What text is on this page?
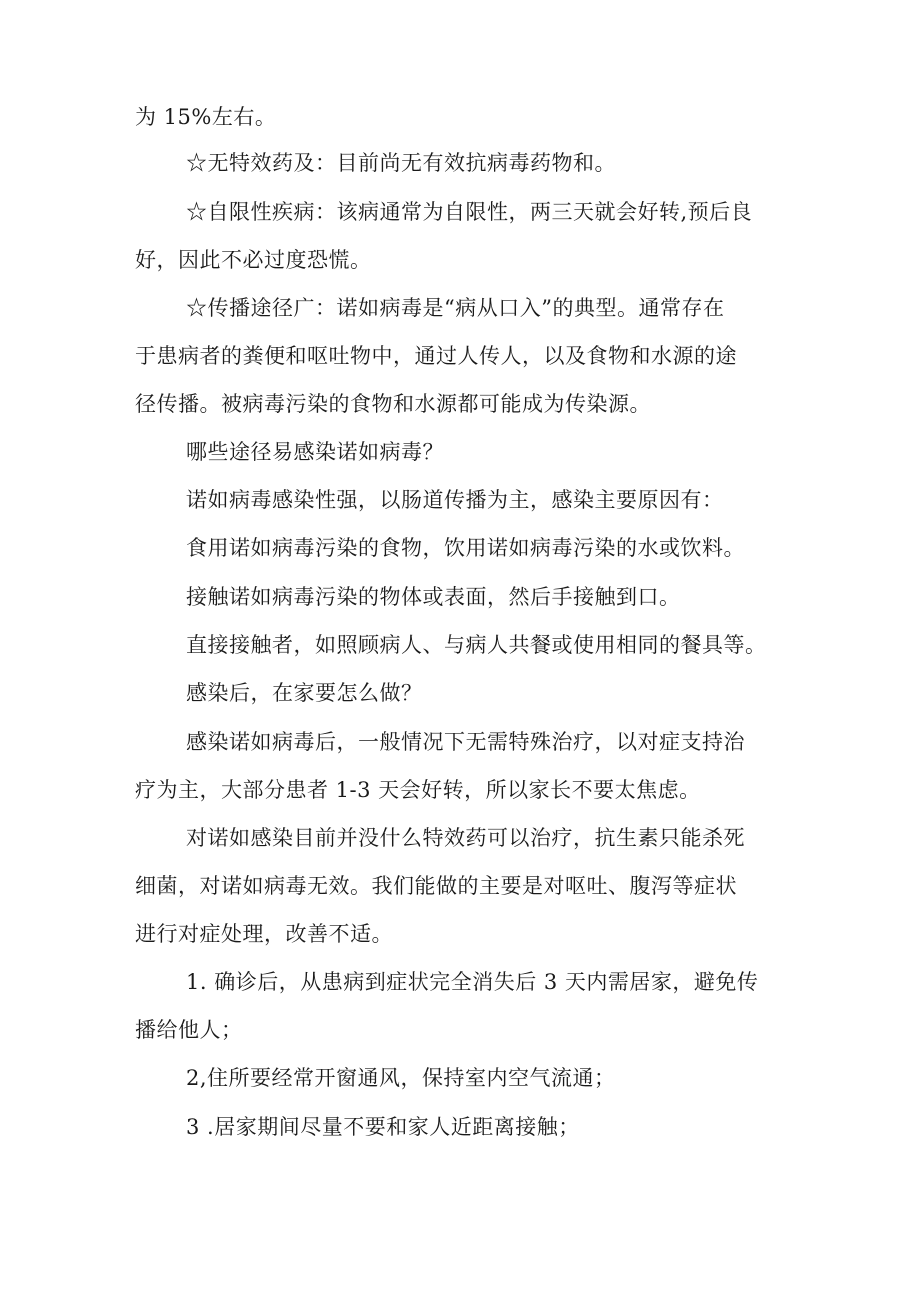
为 15%左右。
☆无特效药及：目前尚无有效抗病毒药物和。
☆自限性疾病：该病通常为自限性，两三天就会好转,预后良
好，因此不必过度恐慌。
☆传播途径广：诺如病毒是“病从口入”的典型。通常存在
于患病者的粪便和呕吐物中，通过人传人，以及食物和水源的途
径传播。被病毒污染的食物和水源都可能成为传染源。
哪些途径易感染诺如病毒？
诺如病毒感染性强，以肠道传播为主，感染主要原因有：
食用诺如病毒污染的食物，饮用诺如病毒污染的水或饮料。
接触诺如病毒污染的物体或表面，然后手接触到口。
直接接触者，如照顾病人、与病人共餐或使用相同的餐具等。
感染后，在家要怎么做？
感染诺如病毒后，一般情况下无需特殊治疗，以对症支持治
疗为主，大部分患者 1-3 天会好转，所以家长不要太焦虑。
对诺如感染目前并没什么特效药可以治疗，抗生素只能杀死
细菌，对诺如病毒无效。我们能做的主要是对呕吐、腹泻等症状
进行对症处理，改善不适。
1. 确诊后，从患病到症状完全消失后 3 天内需居家，避免传
播给他人；
2,住所要经常开窗通风，保持室内空气流通；
3 .居家期间尽量不要和家人近距离接触；
